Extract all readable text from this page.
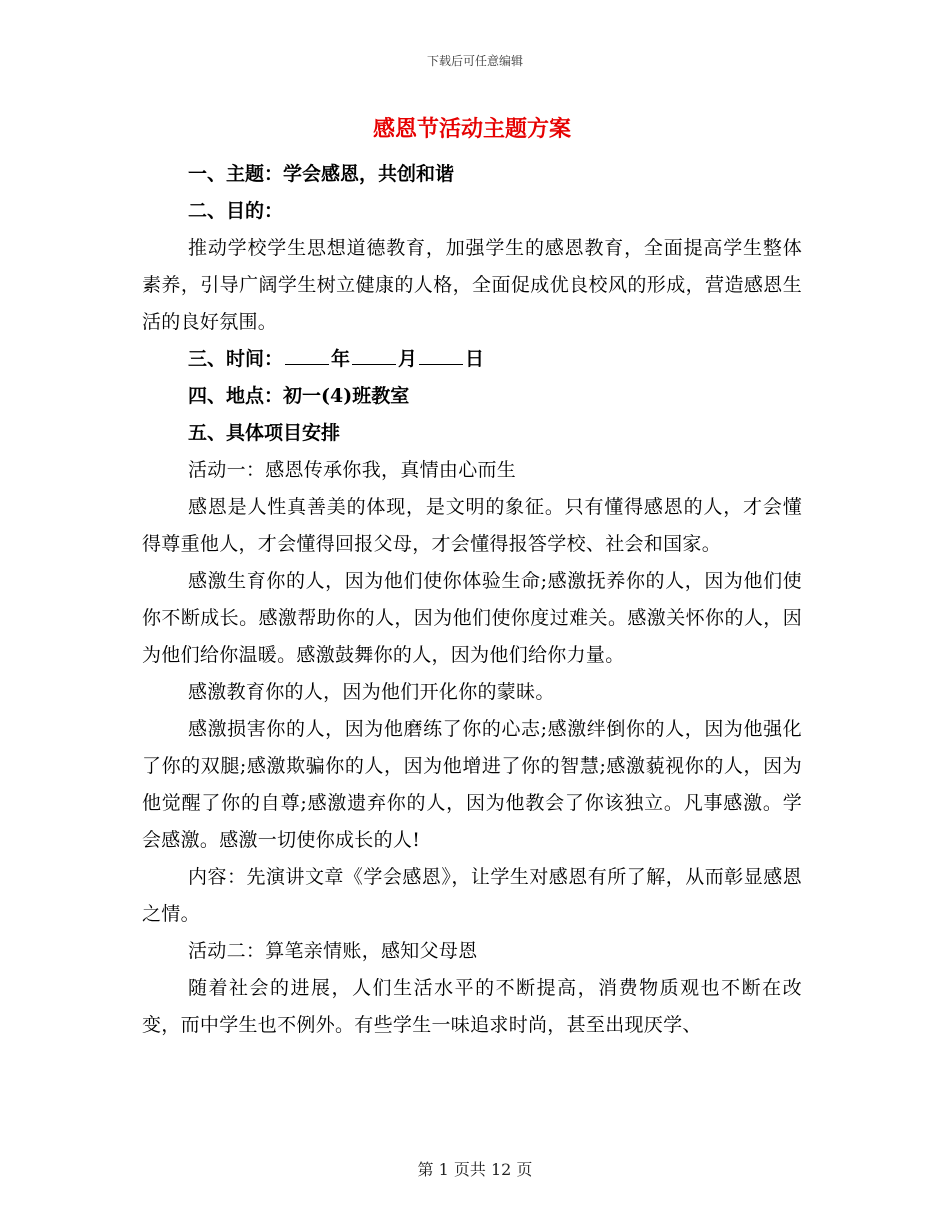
下载后可任意编辑
感恩节活动主题方案

一、主题：学会感恩，共创和谐

二、目的：

推动学校学生思想道德教育，加强学生的感恩教育，全面提高学生整体素养，引导广阔学生树立健康的人格，全面促成优良校风的形成，营造感恩生活的良好氛围。

三、时间：	年	月	日

四、地点：初一(4)班教室

五、具体项目安排

活动一：感恩传承你我，真情由心而生

感恩是人性真善美的体现，是文明的象征。只有懂得感恩的人，才会懂得尊重他人，才会懂得回报父母，才会懂得报答学校、社会和国家。

感激生育你的人，因为他们使你体验生命;感激抚养你的人，因为他们使你不断成长。感激帮助你的人，因为他们使你度过难关。感激关怀你的人，因为他们给你温暖。感激鼓舞你的人，因为他们给你力量。

感激教育你的人，因为他们开化你的蒙昧。

感激损害你的人，因为他磨练了你的心志;感激绊倒你的人，因为他强化了你的双腿;感激欺骗你的人，因为他增进了你的智慧;感激藐视你的人，因为他觉醒了你的自尊;感激遗弃你的人，因为他教会了你该独立。凡事感激。学会感激。感激一切使你成长的人!

内容：先演讲文章《学会感恩》，让学生对感恩有所了解，从而彰显感恩之情。

活动二：算笔亲情账，感知父母恩

随着社会的进展，人们生活水平的不断提高，消费物质观也不断在改变，而中学生也不例外。有些学生一味追求时尚，甚至出现厌学、

第 1 页共 12 页
